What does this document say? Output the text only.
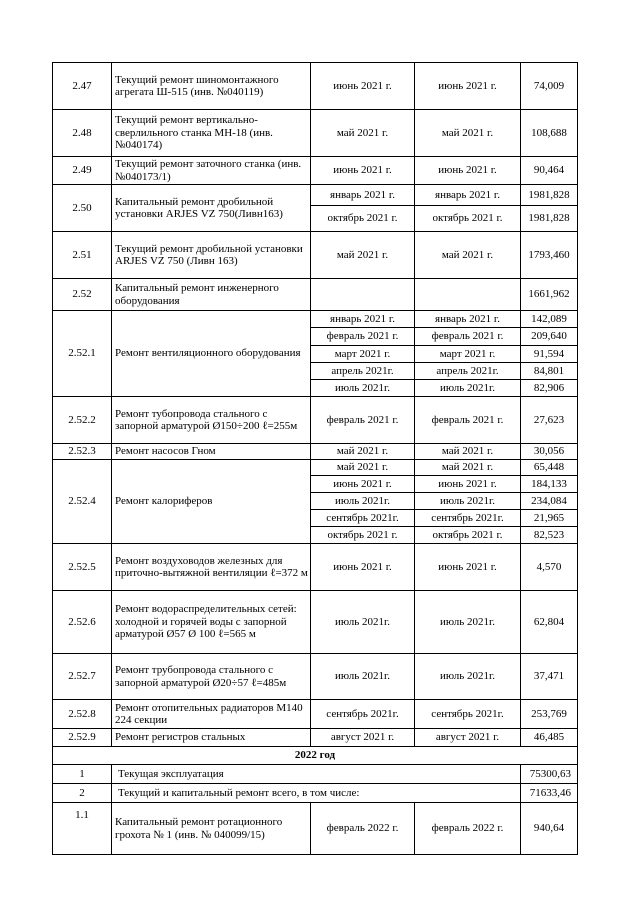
2.47	Текущий ремонт шиномонтажного агрегата Ш-515 (инв. №040119)	июнь 2021 г.	июнь 2021 г.	74,009
2.48	Текущий ремонт вертикально-сверлильного станка МН-18 (инв. №040174)	май 2021 г.	май 2021 г.	108,688
2.49	Текущий ремонт заточного станка (инв. №040173/1)	июнь 2021 г.	июнь 2021 г.	90,464
2.50	Капитальный ремонт дробильной установки ARJES VZ 750(Ливн163)	январь 2021 г.	январь 2021 г.	1981,828
		октябрь 2021 г.	октябрь 2021 г.	1981,828
2.51	Текущий ремонт дробильной установки ARJES VZ 750 (Ливн 163)	май 2021 г.	май 2021 г.	1793,460
2.52	Капитальный ремонт инженерного оборудования			1661,962
2.52.1	Ремонт вентиляционного оборудования	январь 2021 г.	январь 2021 г.	142,089
		февраль 2021 г.	февраль 2021 г.	209,640
		март 2021 г.	март 2021 г.	91,594
		апрель 2021г.	апрель 2021г.	84,801
		июль 2021г.	июль 2021г.	82,906
2.52.2	Ремонт тубопровода стального с запорной арматурой Ø150÷200 ℓ=255м	февраль 2021 г.	февраль 2021 г.	27,623
2.52.3	Ремонт насосов Гном	май 2021 г.	май 2021 г.	30,056
2.52.4	Ремонт калориферов	май 2021 г.	май 2021 г.	65,448
		июнь 2021 г.	июнь 2021 г.	184,133
		июль 2021г.	июль 2021г.	234,084
		сентябрь 2021г.	сентябрь 2021г.	21,965
		октябрь 2021 г.	октябрь 2021 г.	82,523
2.52.5	Ремонт воздуховодов железных для приточно-вытяжной вентиляции ℓ=372 м	июнь 2021 г.	июнь 2021 г.	4,570
2.52.6	Ремонт водораспределительных сетей: холодной и горячей воды с запорной арматурой Ø57 Ø 100 ℓ=565 м	июль 2021г.	июль 2021г.	62,804
2.52.7	Ремонт трубопровода стального с запорной арматурой Ø20÷57 ℓ=485м	июль 2021г.	июль 2021г.	37,471
2.52.8	Ремонт отопительных радиаторов М140 224 секции	сентябрь 2021г.	сентябрь 2021г.	253,769
2.52.9	Ремонт регистров стальных	август 2021 г.	август 2021 г.	46,485
2022 год				
1	Текущая эксплуатация			75300,63
2	Текущий и капитальный ремонт всего, в том числе:			71633,46
1.1	Капитальный ремонт ротационного грохота № 1 (инв. № 040099/15)	февраль 2022 г.	февраль 2022 г.	940,64
